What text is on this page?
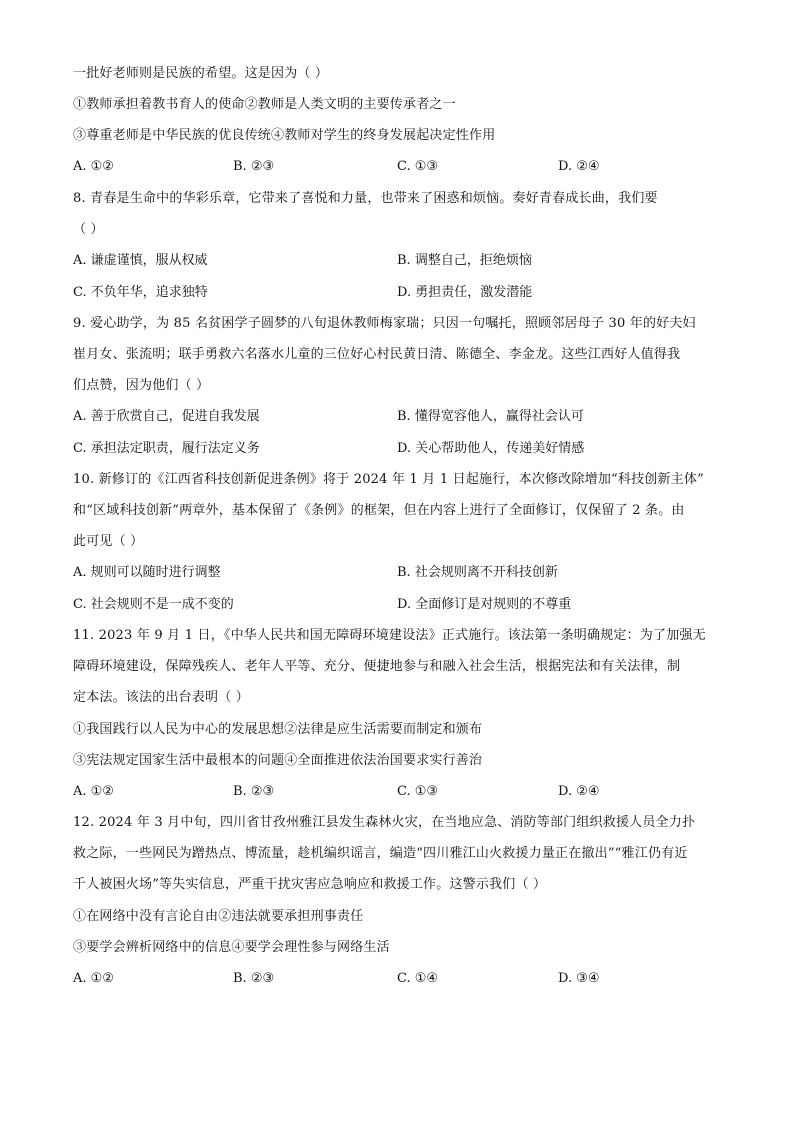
一批好老师则是民族的希望。这是因为（ ）
①教师承担着教书育人的使命②教师是人类文明的主要传承者之一
③尊重老师是中华民族的优良传统④教师对学生的终身发展起决定性作用
A. ①②	B. ②③	C. ①③	D. ②④
8. 青春是生命中的华彩乐章，它带来了喜悦和力量，也带来了困惑和烦恼。奏好青春成长曲，我们要
（ ）
A. 谦虚谨慎，服从权威	B. 调整自己，拒绝烦恼
C. 不负年华，追求独特	D. 勇担责任，激发潜能
9. 爱心助学，为 85 名贫困学子圆梦的八旬退休教师梅家瑞；只因一句嘱托，照顾邻居母子 30 年的好夫妇
崔月女、张流明；联手勇救六名落水儿童的三位好心村民黄日清、陈德全、李金龙。这些江西好人值得我
们点赞，因为他们（ ）
A. 善于欣赏自己，促进自我发展	B. 懂得宽容他人，赢得社会认可
C. 承担法定职责，履行法定义务	D. 关心帮助他人，传递美好情感
10. 新修订的《江西省科技创新促进条例》将于 2024 年 1 月 1 日起施行，本次修改除增加“科技创新主体”
和“区域科技创新”两章外，基本保留了《条例》的框架，但在内容上进行了全面修订，仅保留了 2 条。由
此可见（ ）
A. 规则可以随时进行调整	B. 社会规则离不开科技创新
C. 社会规则不是一成不变的	D. 全面修订是对规则的不尊重
11. 2023 年 9 月 1 日，《中华人民共和国无障碍环境建设法》正式施行。该法第一条明确规定：为了加强无
障碍环境建设，保障残疾人、老年人平等、充分、便捷地参与和融入社会生活，根据宪法和有关法律，制
定本法。该法的出台表明（ ）
①我国践行以人民为中心的发展思想②法律是应生活需要而制定和颁布
③宪法规定国家生活中最根本的问题④全面推进依法治国要求实行善治
A. ①②	B. ②③	C. ①③	D. ②④
12. 2024 年 3 月中旬，四川省甘孜州雅江县发生森林火灾，在当地应急、消防等部门组织救援人员全力扑
救之际，一些网民为蹭热点、博流量，趁机编织谣言，编造“四川雅江山火救援力量正在撤出”“雅江仍有近
千人被困火场”等失实信息，严重干扰灾害应急响应和救援工作。这警示我们（ ）
①在网络中没有言论自由②违法就要承担刑事责任
③要学会辨析网络中的信息④要学会理性参与网络生活
A. ①②	B. ②③	C. ①④	D. ③④
